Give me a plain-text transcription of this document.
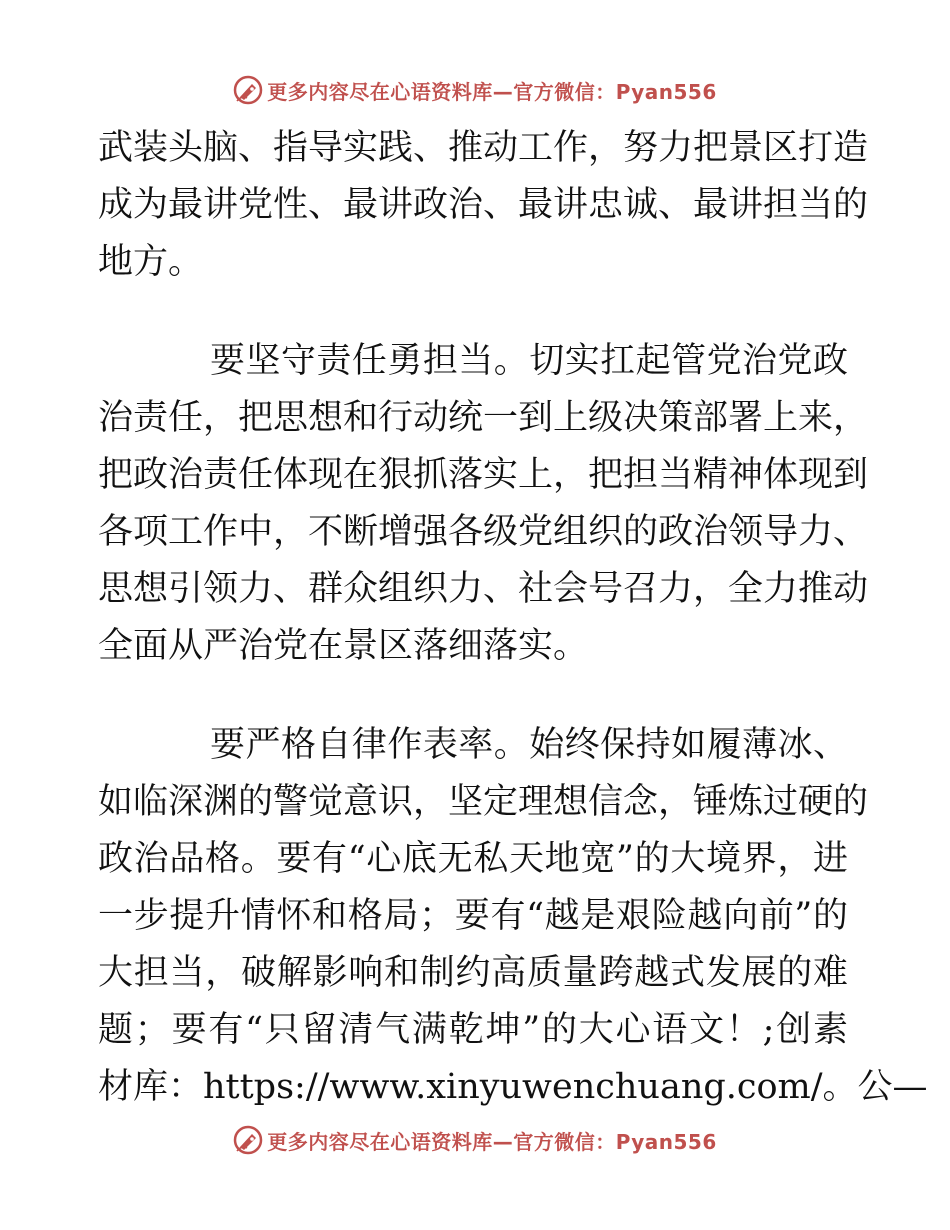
更多内容尽在心语资料库—官方微信：Pyan556
武装头脑、指导实践、推动工作，努力把景区打造
成为最讲党性、最讲政治、最讲忠诚、最讲担当的
地方。
要坚守责任勇担当。切实扛起管党治党政
治责任，把思想和行动统一到上级决策部署上来，
把政治责任体现在狠抓落实上，把担当精神体现到
各项工作中，不断增强各级党组织的政治领导力、
思想引领力、群众组织力、社会号召力，全力推动
全面从严治党在景区落细落实。
要严格自律作表率。始终保持如履薄冰、
如临深渊的警觉意识，坚定理想信念，锤炼过硬的
政治品格。要有“心底无私天地宽”的大境界，进
一步提升情怀和格局；要有“越是艰险越向前”的
大担当，破解影响和制约高质量跨越式发展的难
题；要有“只留清气满乾坤”的大心语文！;创素
材库：https://www.xinyuwenchuang.com/。公—
更多内容尽在心语资料库—官方微信：Pyan556
